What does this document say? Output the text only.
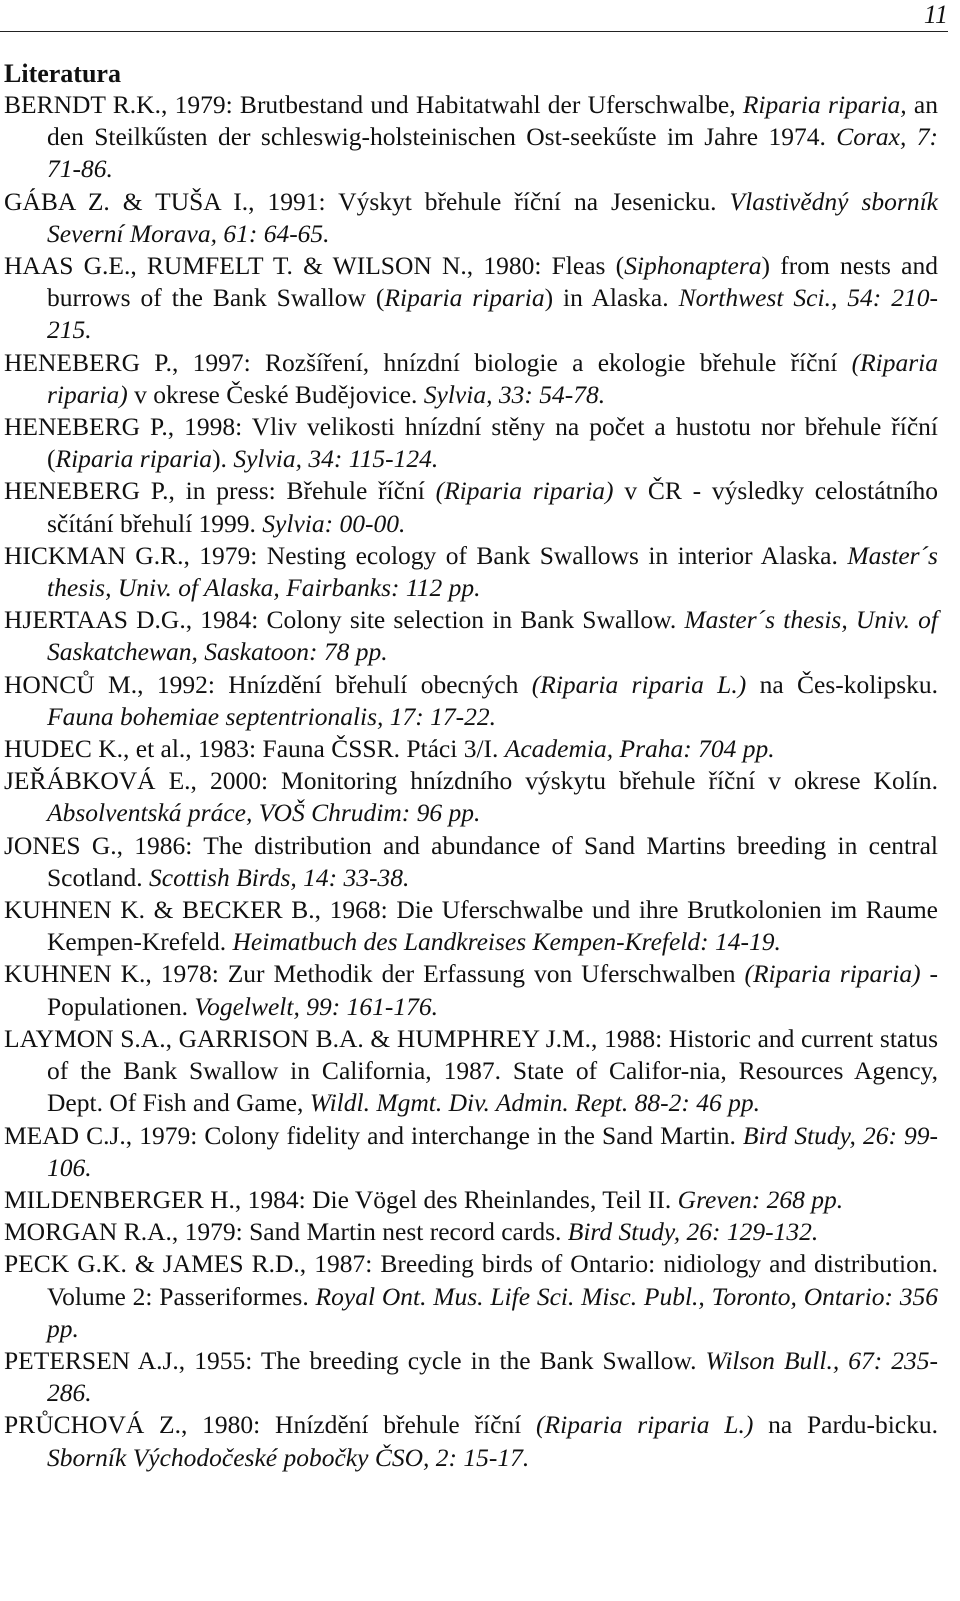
11
Literatura
BERNDT R.K., 1979: Brutbestand und Habitatwahl der Uferschwalbe, Riparia riparia, an den Steilkűsten der schleswig-holsteinischen Ost-seekűste im Jahre 1974. Corax, 7: 71-86.
GÁBA Z. & TUŠA I., 1991: Výskyt břehule říční na Jesenicku. Vlastivědný sborník Severní Morava, 61: 64-65.
HAAS G.E., RUMFELT T. & WILSON N., 1980: Fleas (Siphonaptera) from nests and burrows of the Bank Swallow (Riparia riparia) in Alaska. Northwest Sci., 54: 210-215.
HENEBERG P., 1997: Rozšíření, hnízdní biologie a ekologie břehule říční (Riparia riparia) v okrese České Budějovice. Sylvia, 33: 54-78.
HENEBERG P., 1998: Vliv velikosti hnízdní stěny na počet a hustotu nor břehule říční (Riparia riparia). Sylvia, 34: 115-124.
HENEBERG P., in press: Břehule říční (Riparia riparia) v ČR - výsledky celostátního sčítání břehulí 1999. Sylvia: 00-00.
HICKMAN G.R., 1979: Nesting ecology of Bank Swallows in interior Alaska. Master´s thesis, Univ. of Alaska, Fairbanks: 112 pp.
HJERTAAS D.G., 1984: Colony site selection in Bank Swallow. Master´s thesis, Univ. of Saskatchewan, Saskatoon: 78 pp.
HONCŮ M., 1992: Hnízdění břehulí obecných (Riparia riparia L.) na Čes-kolipsku. Fauna bohemiae septentrionalis, 17: 17-22.
HUDEC K., et al., 1983: Fauna ČSSR. Ptáci 3/I. Academia, Praha: 704 pp.
JEŘÁBKOVÁ E., 2000: Monitoring hnízdního výskytu břehule říční v okrese Kolín. Absolventská práce, VOŠ Chrudim: 96 pp.
JONES G., 1986: The distribution and abundance of Sand Martins breeding in central Scotland. Scottish Birds, 14: 33-38.
KUHNEN K. & BECKER B., 1968: Die Uferschwalbe und ihre Brutkolonien im Raume Kempen-Krefeld. Heimatbuch des Landkreises Kempen-Krefeld: 14-19.
KUHNEN K., 1978: Zur Methodik der Erfassung von Uferschwalben (Riparia riparia) - Populationen. Vogelwelt, 99: 161-176.
LAYMON S.A., GARRISON B.A. & HUMPHREY J.M., 1988: Historic and current status of the Bank Swallow in California, 1987. State of Califor-nia, Resources Agency, Dept. Of Fish and Game, Wildl. Mgmt. Div. Admin. Rept. 88-2: 46 pp.
MEAD C.J., 1979: Colony fidelity and interchange in the Sand Martin. Bird Study, 26: 99-106.
MILDENBERGER H., 1984: Die Vögel des Rheinlandes, Teil II. Greven: 268 pp.
MORGAN R.A., 1979: Sand Martin nest record cards. Bird Study, 26: 129-132.
PECK G.K. & JAMES R.D., 1987: Breeding birds of Ontario: nidiology and distribution. Volume 2: Passeriformes. Royal Ont. Mus. Life Sci. Misc. Publ., Toronto, Ontario: 356 pp.
PETERSEN A.J., 1955: The breeding cycle in the Bank Swallow. Wilson Bull., 67: 235-286.
PRŮCHOVÁ Z., 1980: Hnízdění břehule říční (Riparia riparia L.) na Pardu-bicku. Sborník Východočeské pobočky ČSO, 2: 15-17.
